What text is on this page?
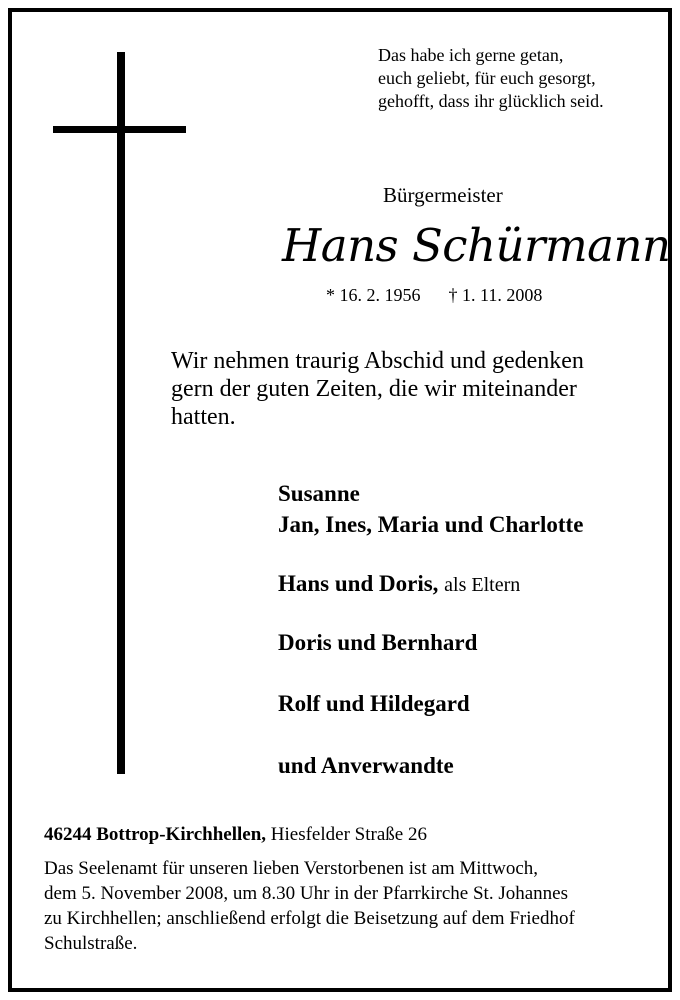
Das habe ich gerne getan,
euch geliebt, für euch gesorgt,
gehofft, dass ihr glücklich seid.
Bürgermeister
Hans Schürmann
* 16. 2. 1956 † 1. 11. 2008
Wir nehmen traurig Abschid und gedenken
gern der guten Zeiten, die wir miteinander
hatten.
Susanne
Jan, Ines, Maria und Charlotte
Hans und Doris, als Eltern
Doris und Bernhard
Rolf und Hildegard
und Anverwandte
46244 Bottrop-Kirchhellen, Hiesfelder Straße 26
Das Seelenamt für unseren lieben Verstorbenen ist am Mittwoch,
dem 5. November 2008, um 8.30 Uhr in der Pfarrkirche St. Johannes
zu Kirchhellen; anschließend erfolgt die Beisetzung auf dem Friedhof
Schulstraße.
